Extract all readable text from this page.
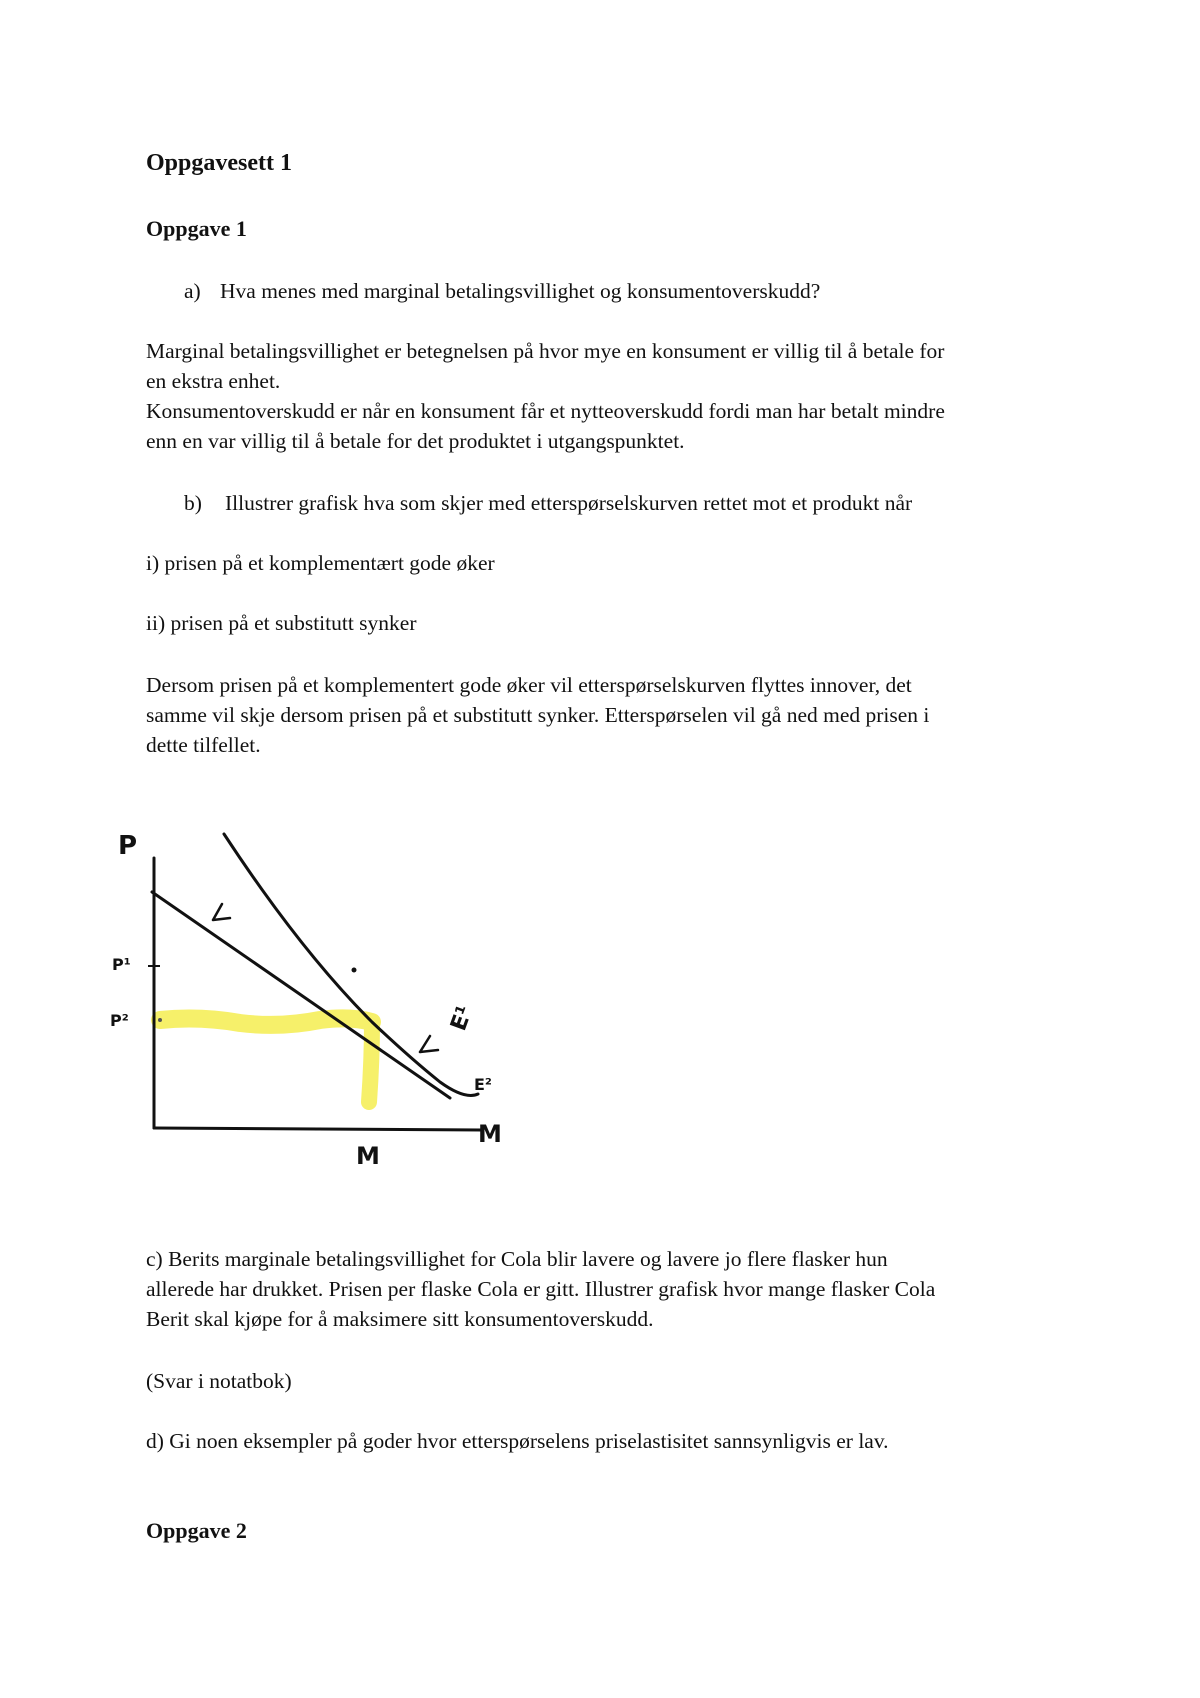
Oppgavesett 1
Oppgave 1
a) Hva menes med marginal betalingsvillighet og konsumentoverskudd?
Marginal betalingsvillighet er betegnelsen på hvor mye en konsument er villig til å betale for
en ekstra enhet.
Konsumentoverskudd er når en konsument får et nytteoverskudd fordi man har betalt mindre
enn en var villig til å betale for det produktet i utgangspunktet.
b) Illustrer grafisk hva som skjer med etterspørselskurven rettet mot et produkt når
i) prisen på et komplementært gode øker
ii) prisen på et substitutt synker
Dersom prisen på et komplementert gode øker vil etterspørselskurven flyttes innover, det
samme vil skje dersom prisen på et substitutt synker. Etterspørselen vil gå ned med prisen i
dette tilfellet.
P
P¹
P²
M
M
E¹
E²
c) Berits marginale betalingsvillighet for Cola blir lavere og lavere jo flere flasker hun
allerede har drukket. Prisen per flaske Cola er gitt. Illustrer grafisk hvor mange flasker Cola
Berit skal kjøpe for å maksimere sitt konsumentoverskudd.
(Svar i notatbok)
d) Gi noen eksempler på goder hvor etterspørselens priselastisitet sannsynligvis er lav.
Oppgave 2
